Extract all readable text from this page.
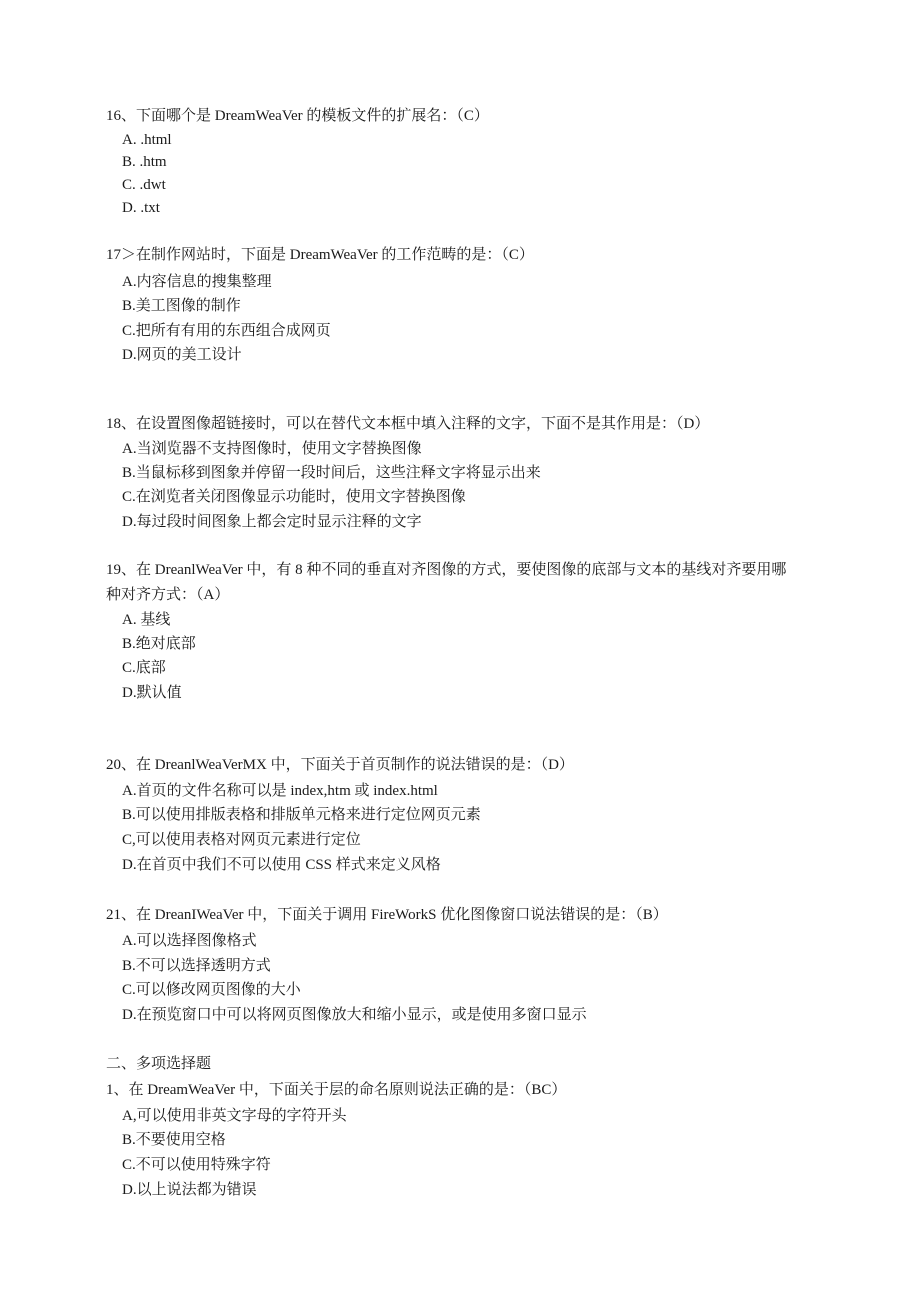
16、下面哪个是 DreamWeaVer 的模板文件的扩展名：（C）
A. .html
B. .htm
C. .dwt
D. .txt
17＞在制作网站时，下面是 DreamWeaVer 的工作范畴的是：（C）
A.内容信息的搜集整理
B.美工图像的制作
C.把所有有用的东西组合成网页
D.网页的美工设计
18、在设置图像超链接时，可以在替代文本框中填入注释的文字，下面不是其作用是：（D）
A.当浏览器不支持图像时，使用文字替换图像
B.当鼠标移到图象并停留一段时间后，这些注释文字将显示出来
C.在浏览者关闭图像显示功能时，使用文字替换图像
D.每过段时间图象上都会定时显示注释的文字
19、在 DreanlWeaVer 中，有 8 种不同的垂直对齐图像的方式，要使图像的底部与文本的基线对齐要用哪
种对齐方式：（A）
A. 基线
B.绝对底部
C.底部
D.默认值
20、在 DreanlWeaVerMX 中，下面关于首页制作的说法错误的是：（D）
A.首页的文件名称可以是 index,htm 或 index.html
B.可以使用排版表格和排版单元格来进行定位网页元素
C,可以使用表格对网页元素进行定位
D.在首页中我们不可以使用 CSS 样式来定义风格
21、在 DreanIWeaVer 中，下面关于调用 FireWorkS 优化图像窗口说法错误的是：（B）
A.可以选择图像格式
B.不可以选择透明方式
C.可以修改网页图像的大小
D.在预览窗口中可以将网页图像放大和缩小显示，或是使用多窗口显示
二、多项选择题
1、在 DreamWeaVer 中，下面关于层的命名原则说法正确的是：（BC）
A,可以使用非英文字母的字符开头
B.不要使用空格
C.不可以使用特殊字符
D.以上说法都为错误
